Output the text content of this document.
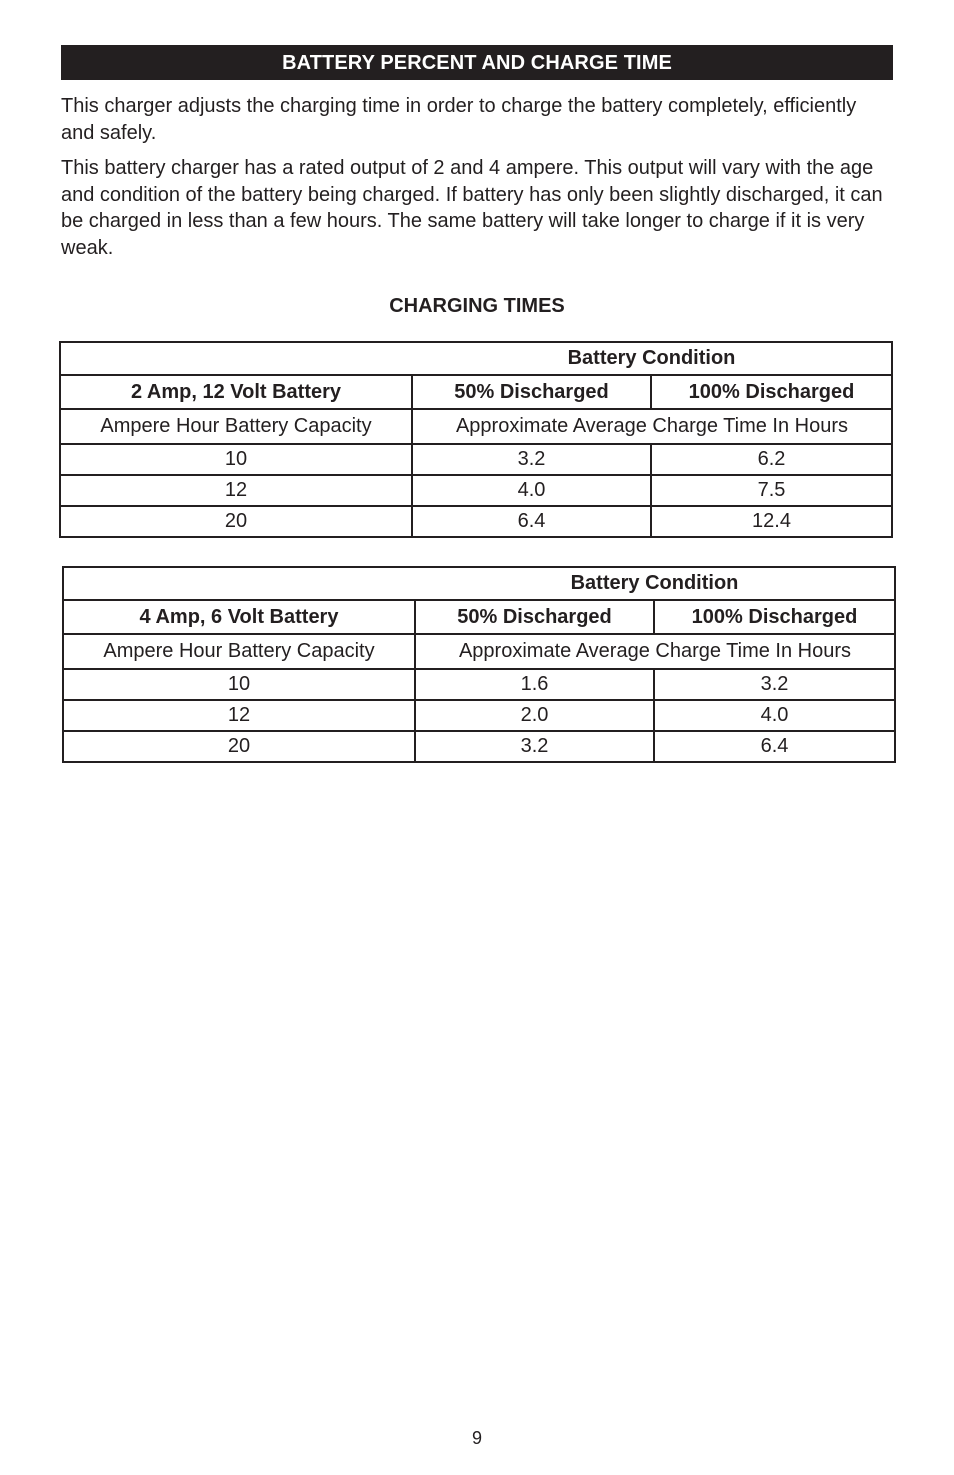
BATTERY PERCENT AND CHARGE TIME

This charger adjusts the charging time in order to charge the battery completely, efficiently and safely.

This battery charger has a rated output of 2 and 4 ampere. This output will vary with the age and condition of the battery being charged. If battery has only been slightly discharged, it can be charged in less than a few hours. The same battery will take longer to charge if it is very weak.

CHARGING TIMES
	Battery Condition	
2 Amp, 12 Volt Battery	50% Discharged	100% Discharged
Ampere Hour Battery Capacity	Approximate Average Charge Time In Hours	
10	3.2	6.2
12	4.0	7.5
20	6.4	12.4
	Battery Condition	
4 Amp, 6 Volt Battery	50% Discharged	100% Discharged
Ampere Hour Battery Capacity	Approximate Average Charge Time In Hours	
10	1.6	3.2
12	2.0	4.0
20	3.2	6.4
9
